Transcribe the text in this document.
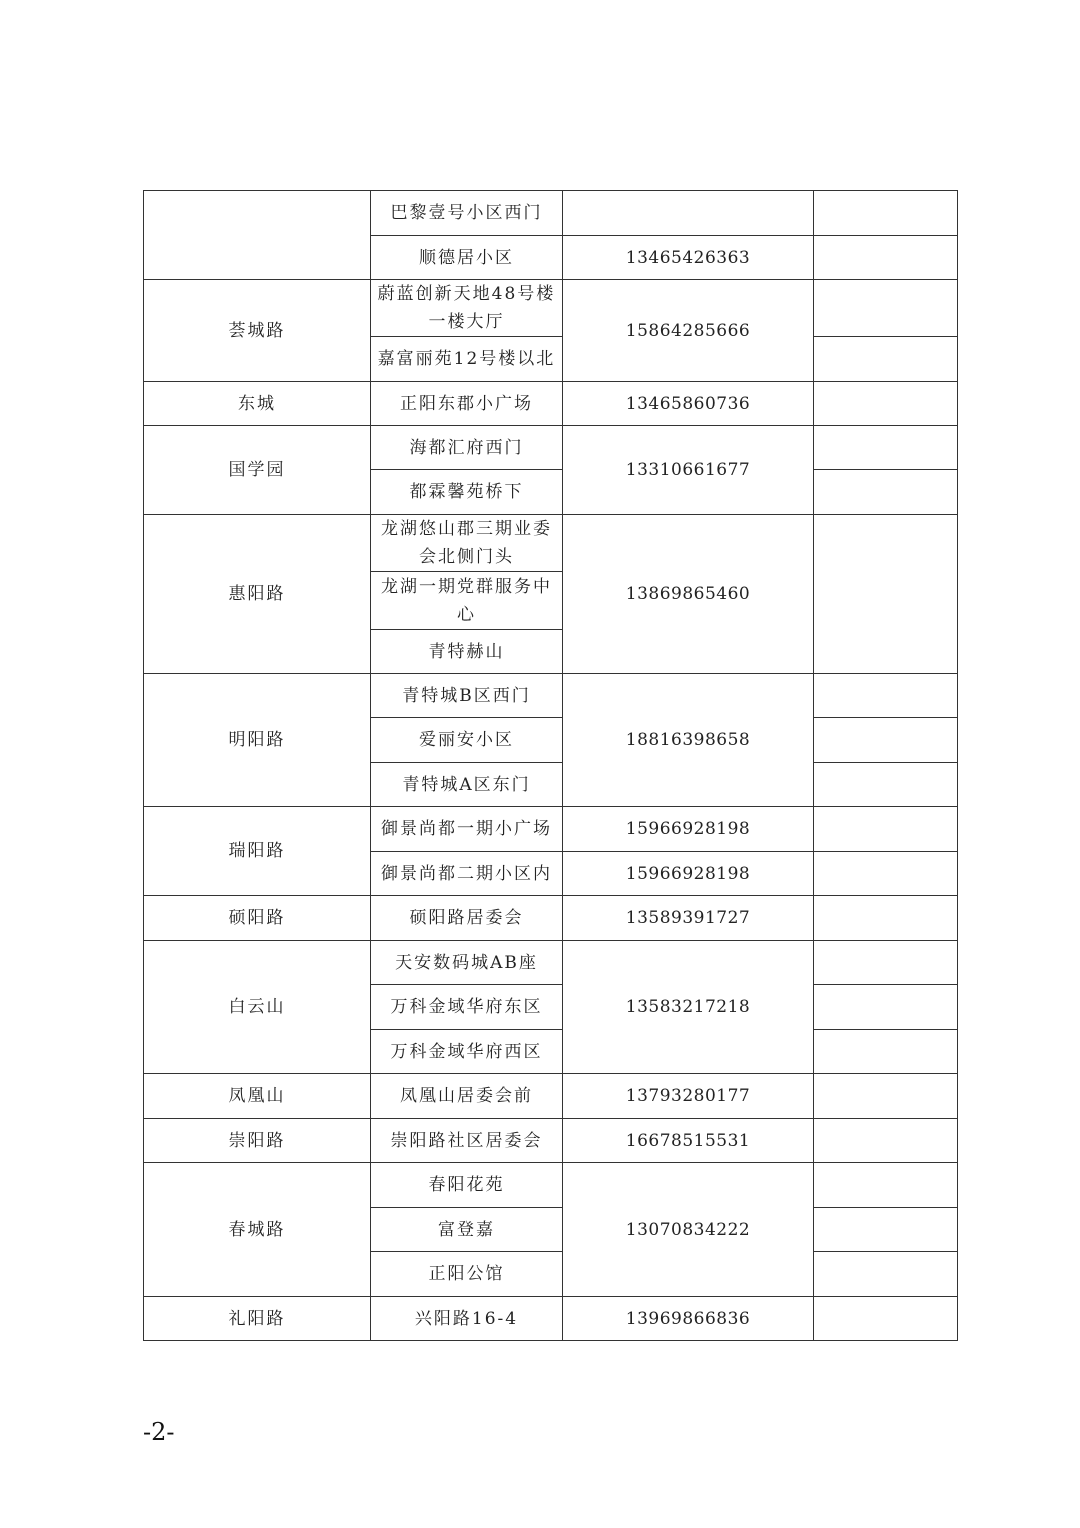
	巴黎壹号小区西门		
	顺德居小区	13465426363	
荟城路	蔚蓝创新天地48号楼一楼大厅	15864285666	
	嘉富丽苑12号楼以北		
东城	正阳东郡小广场	13465860736	
国学园	海都汇府西门	13310661677	
	都霖馨苑桥下		
惠阳路	龙湖悠山郡三期业委会北侧门头	13869865460	
	龙湖一期党群服务中心		
	青特赫山		
明阳路	青特城B区西门	18816398658	
	爱丽安小区		
	青特城A区东门		
瑞阳路	御景尚都一期小广场	15966928198	
	御景尚都二期小区内	15966928198	
硕阳路	硕阳路居委会	13589391727	
白云山	天安数码城AB座	13583217218	
	万科金域华府东区		
	万科金域华府西区		
凤凰山	凤凰山居委会前	13793280177	
崇阳路	崇阳路社区居委会	16678515531	
春城路	春阳花苑	13070834222	
	富登嘉		
	正阳公馆		
礼阳路	兴阳路16-4	13969866836	
-2-
